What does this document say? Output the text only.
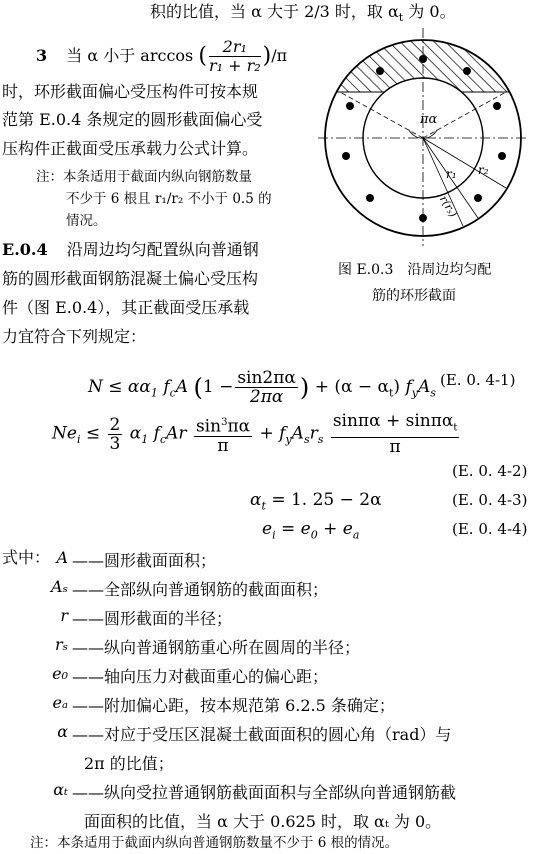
积的比值，当 α 大于 2/3 时，取 $\alpha_t$ 为 0。
3 当 α 小于 arccos ( $\frac{\text{2r₁}}{\text{r₁ + r₂}} )/\pi$
时，环形截面偏心受压构件可按本规
范第 E.0.4 条规定的圆形截面偏心受
压构件正截面受压承载力公式计算。
注：本条适用于截面内纵向钢筋数量
不少于 6 根且 r₁/r₂ 不小于 0.5 的
情况。
E.0.4 沿周边均匀配置纵向普通钢
筋的圆形截面钢筋混凝土偏心受压构
件（图 E.0.4），其正截面受压承载
力宜符合下列规定：
πα
r₂
r₁
r(rₛ)
图 E.0.3　沿周边均匀配
筋的环形截面
$N \le \alpha\alpha_1$ $f_cA$ ($1 - \frac{\sin 2\pi\alpha}{2\pi\alpha}$ ) + $(\alpha - \alpha_t)$ $f_yA_s$
(E. 0. 4-1)
$Ne_i \le \frac{2}{3} \alpha_1$ $f_cAr \frac{\sin^3\pi\alpha}{\pi} + f_yA_sr_s \frac{\sin\pi\alpha + \sin\pi\alpha_t}{\pi}$
(E. 0. 4-2)
$\alpha_t = 1$. 25 − 2α	(E. 0. 4-3)
$e_i = e_0 + e_a$	(E. 0. 4-4)
式中： A ——圆形截面面积；
Aₛ ——全部纵向普通钢筋的截面面积；
r ——圆形截面的半径；
rₛ ——纵向普通钢筋重心所在圆周的半径；
e₀ ——轴向压力对截面重心的偏心距；
eₐ ——附加偏心距，按本规范第 6.2.5 条确定；
α ——对应于受压区混凝土截面面积的圆心角（rad）与
2π 的比值；
αₜ ——纵向受拉普通钢筋截面面积与全部纵向普通钢筋截
面面积的比值，当 α 大于 0.625 时，取 αₜ 为 0。
注：本条适用于截面内纵向普通钢筋数量不少于 6 根的情况。
